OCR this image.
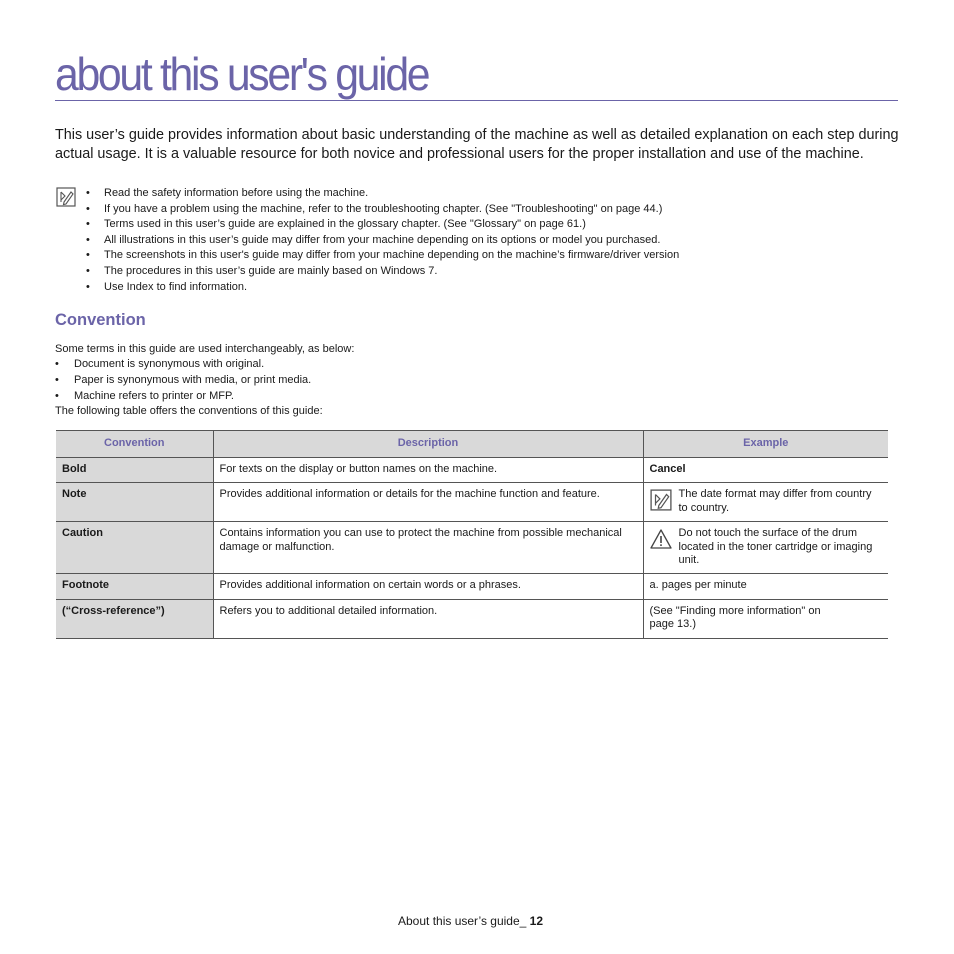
about this user's guide

This user’s guide provides information about basic understanding of the machine as well as detailed explanation on each step during actual usage. It is a valuable resource for both novice and professional users for the proper installation and use of the machine.

• Read the safety information before using the machine.
• If you have a problem using the machine, refer to the troubleshooting chapter. (See "Troubleshooting" on page 44.)
• Terms used in this user’s guide are explained in the glossary chapter. (See "Glossary" on page 61.)
• All illustrations in this user’s guide may differ from your machine depending on its options or model you purchased.
• The screenshots in this user's guide may differ from your machine depending on the machine’s firmware/driver version
• The procedures in this user’s guide are mainly based on Windows 7.
• Use Index to find information.
Convention

Some terms in this guide are used interchangeably, as below:

• Document is synonymous with original.
• Paper is synonymous with media, or print media.
• Machine refers to printer or MFP.

The following table offers the conventions of this guide:

Convention	Description	Example
Bold	For texts on the display or button names on the machine.	Cancel
Note	Provides additional information or details for the machine function and feature.	The date format may differ from country to country.

Caution	Contains information you can use to protect the machine from possible mechanical damage or malfunction.	Do not touch the surface of the drum located in the toner cartridge or imaging unit.

Footnote	Provides additional information on certain words or a phrases.	a. pages per minute
(“Cross-reference”)	Refers you to additional detailed information.	(See "Finding more information" on
page 13.)
About this user’s guide_ 12
